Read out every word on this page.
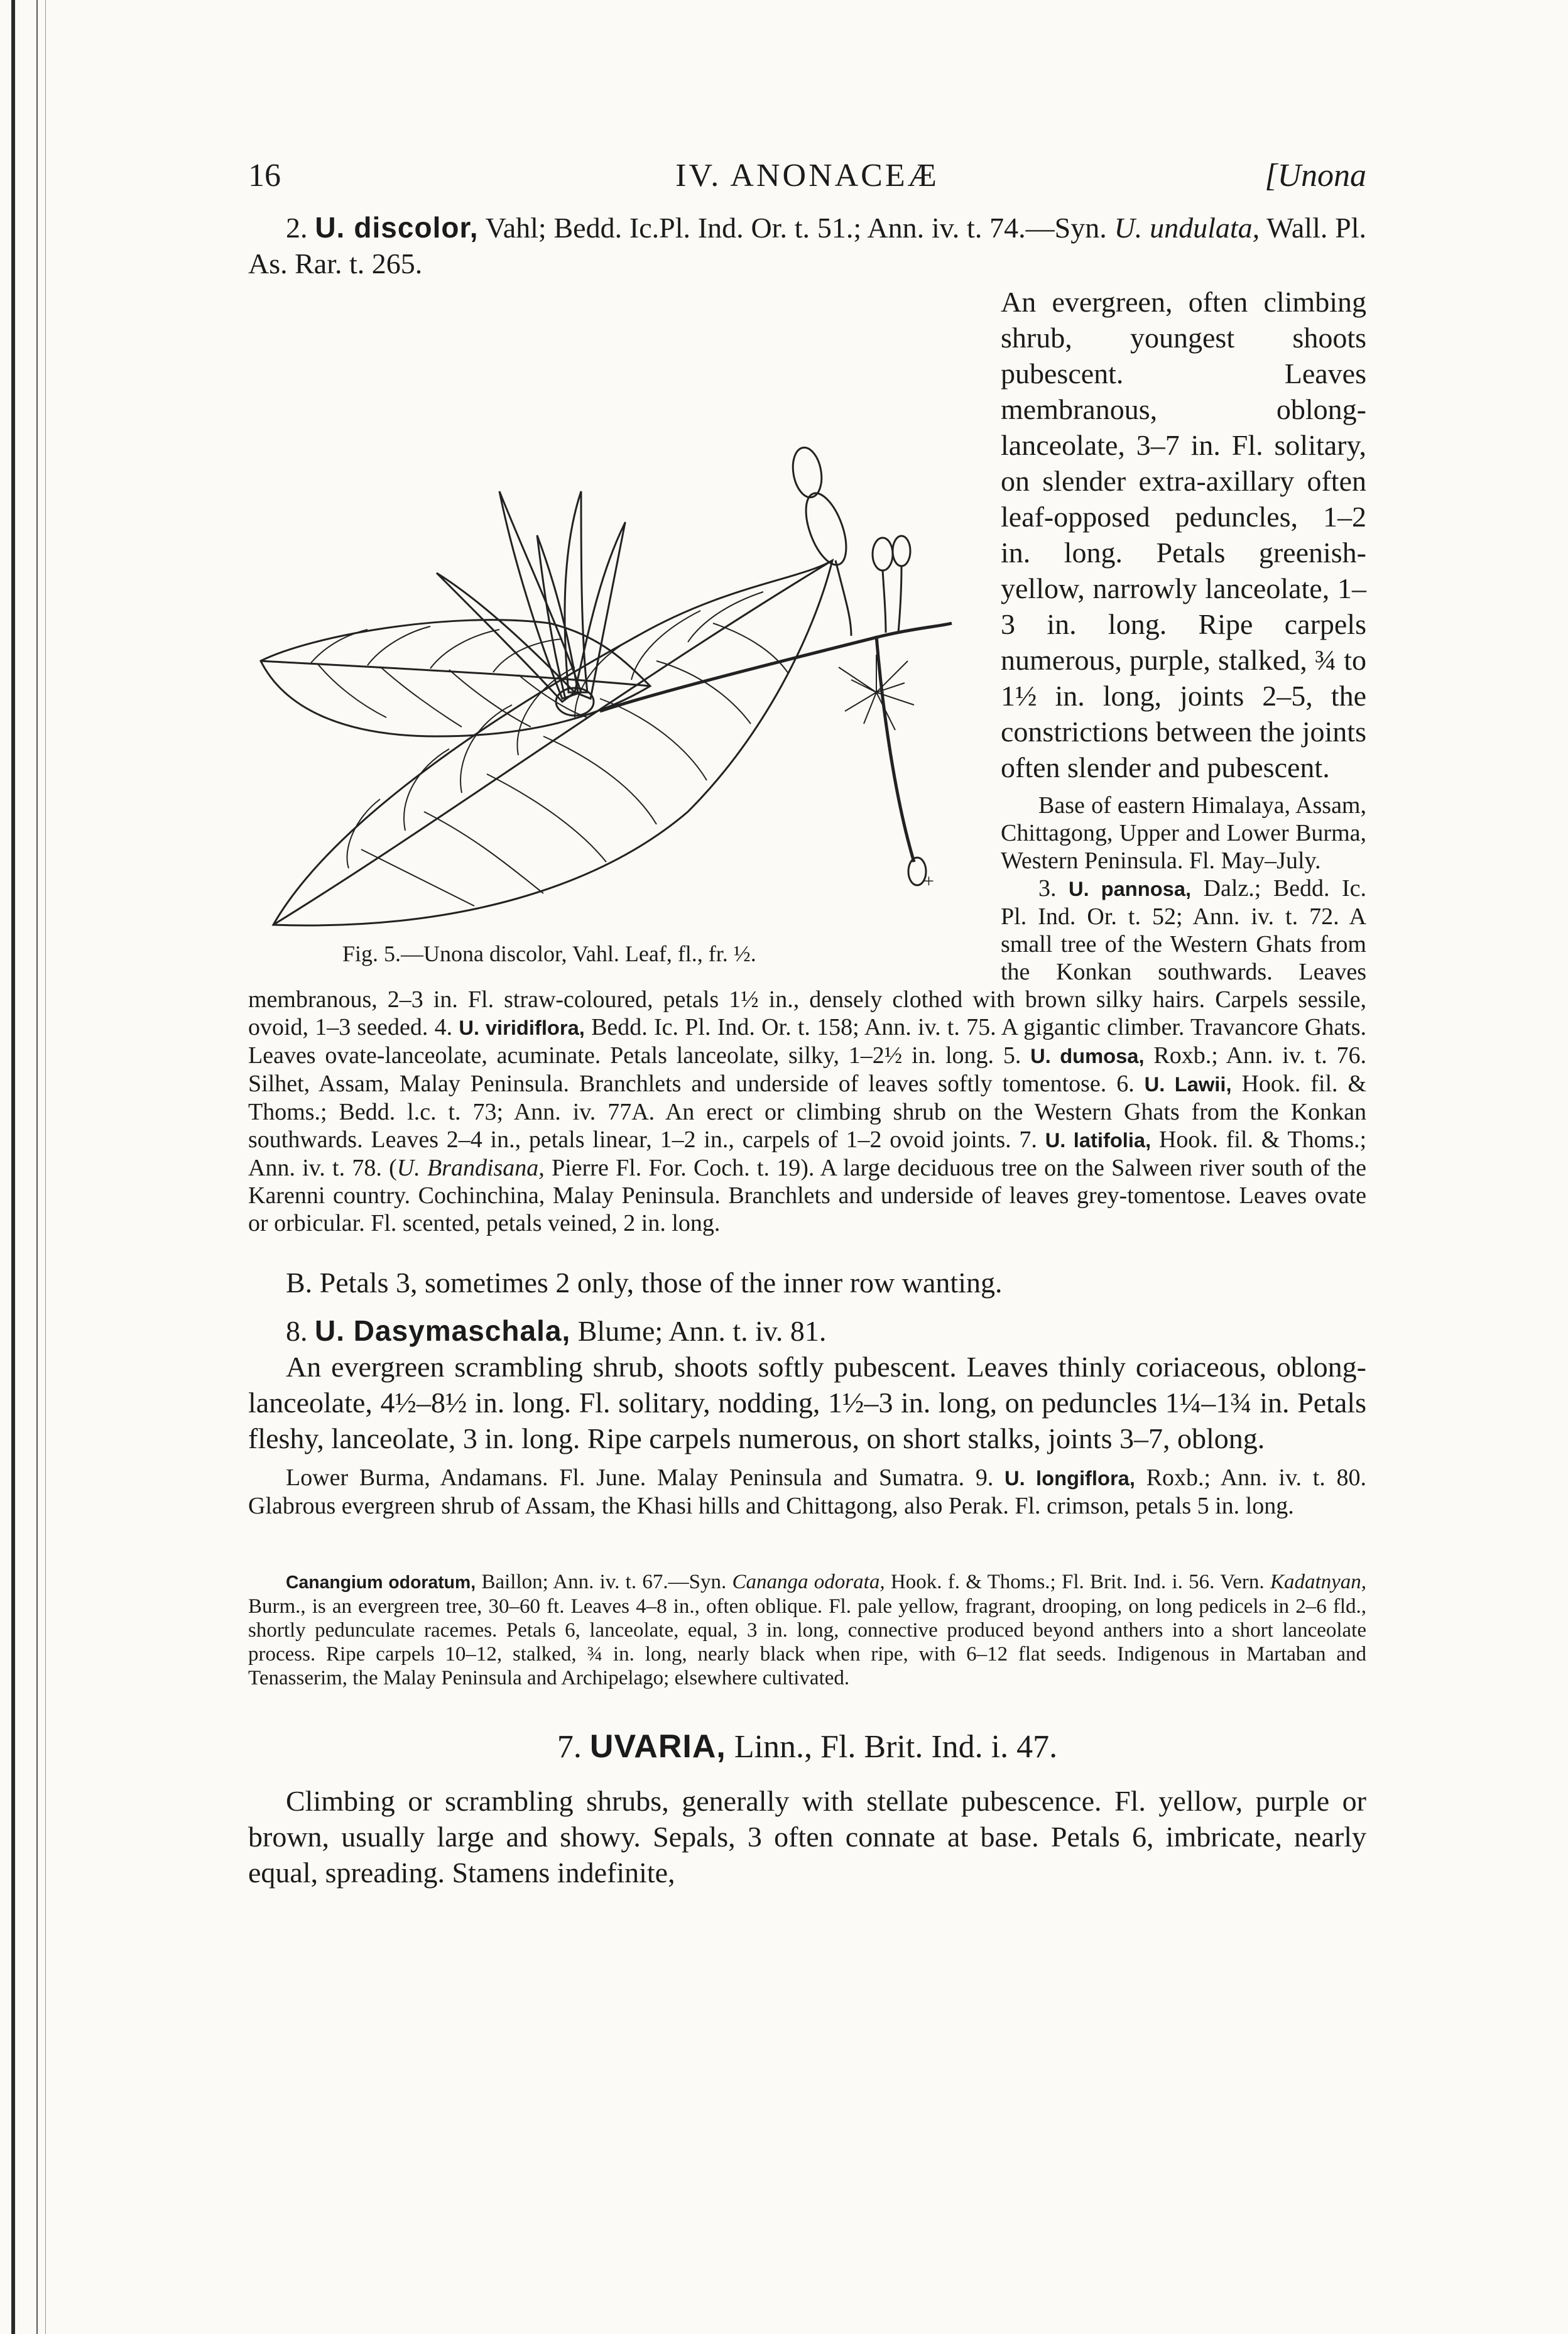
16	IV. ANONACEÆ	[Unona

2. U. discolor, Vahl; Bedd. Ic.Pl. Ind. Or. t. 51.; Ann. iv. t. 74.—Syn. U. undulata, Wall. Pl. As. Rar. t. 265.

+
Fig. 5.—Unona discolor, Vahl. Leaf, fl., fr. ½.

An evergreen, often climbing shrub, youngest shoots pubescent. Leaves membranous, oblong-lanceolate, 3–7 in. Fl. solitary, on slender extra-axillary often leaf-opposed peduncles, 1–2 in. long. Petals greenish-yellow, narrowly lanceolate, 1–3 in. long. Ripe carpels numerous, purple, stalked, ¾ to 1½ in. long, joints 2–5, the constrictions between the joints often slender and pubescent.

Base of eastern Himalaya, Assam, Chittagong, Upper and Lower Burma, Western Peninsula. Fl. May–July.

3. U. pannosa, Dalz.; Bedd. Ic. Pl. Ind. Or. t. 52; Ann. iv. t. 72. A small tree of the Western Ghats from the Konkan southwards. Leaves membranous, 2–3 in. Fl. straw-coloured, petals 1½ in., densely clothed with brown silky hairs. Carpels sessile, ovoid, 1–3 seeded. 4. U. viridiflora, Bedd. Ic. Pl. Ind. Or. t. 158; Ann. iv. t. 75. A gigantic climber. Travancore Ghats. Leaves ovate-lanceolate, acuminate. Petals lanceolate, silky, 1–2½ in. long. 5. U. dumosa, Roxb.; Ann. iv. t. 76. Silhet, Assam, Malay Peninsula. Branchlets and underside of leaves softly tomentose. 6. U. Lawii, Hook. fil. & Thoms.; Bedd. l.c. t. 73; Ann. iv. 77A. An erect or climbing shrub on the Western Ghats from the Konkan southwards. Leaves 2–4 in., petals linear, 1–2 in., carpels of 1–2 ovoid joints. 7. U. latifolia, Hook. fil. & Thoms.; Ann. iv. t. 78. (U. Brandisana, Pierre Fl. For. Coch. t. 19). A large deciduous tree on the Salween river south of the Karenni country. Cochinchina, Malay Peninsula. Branchlets and underside of leaves grey-tomentose. Leaves ovate or orbicular. Fl. scented, petals veined, 2 in. long.

B. Petals 3, sometimes 2 only, those of the inner row wanting.

8. U. Dasymaschala, Blume; Ann. t. iv. 81.

An evergreen scrambling shrub, shoots softly pubescent. Leaves thinly coriaceous, oblong-lanceolate, 4½–8½ in. long. Fl. solitary, nodding, 1½–3 in. long, on peduncles 1¼–1¾ in. Petals fleshy, lanceolate, 3 in. long. Ripe carpels numerous, on short stalks, joints 3–7, oblong.

Lower Burma, Andamans. Fl. June. Malay Peninsula and Sumatra. 9. U. longiflora, Roxb.; Ann. iv. t. 80. Glabrous evergreen shrub of Assam, the Khasi hills and Chittagong, also Perak. Fl. crimson, petals 5 in. long.

Canangium odoratum, Baillon; Ann. iv. t. 67.—Syn. Cananga odorata, Hook. f. & Thoms.; Fl. Brit. Ind. i. 56. Vern. Kadatnyan, Burm., is an evergreen tree, 30–60 ft. Leaves 4–8 in., often oblique. Fl. pale yellow, fragrant, drooping, on long pedicels in 2–6 fld., shortly pedunculate racemes. Petals 6, lanceolate, equal, 3 in. long, connective produced beyond anthers into a short lanceolate process. Ripe carpels 10–12, stalked, ¾ in. long, nearly black when ripe, with 6–12 flat seeds. Indigenous in Martaban and Tenasserim, the Malay Peninsula and Archipelago; elsewhere cultivated.

7. UVARIA, Linn., Fl. Brit. Ind. i. 47.

Climbing or scrambling shrubs, generally with stellate pubescence. Fl. yellow, purple or brown, usually large and showy. Sepals, 3 often connate at base. Petals 6, imbricate, nearly equal, spreading. Stamens indefinite,
